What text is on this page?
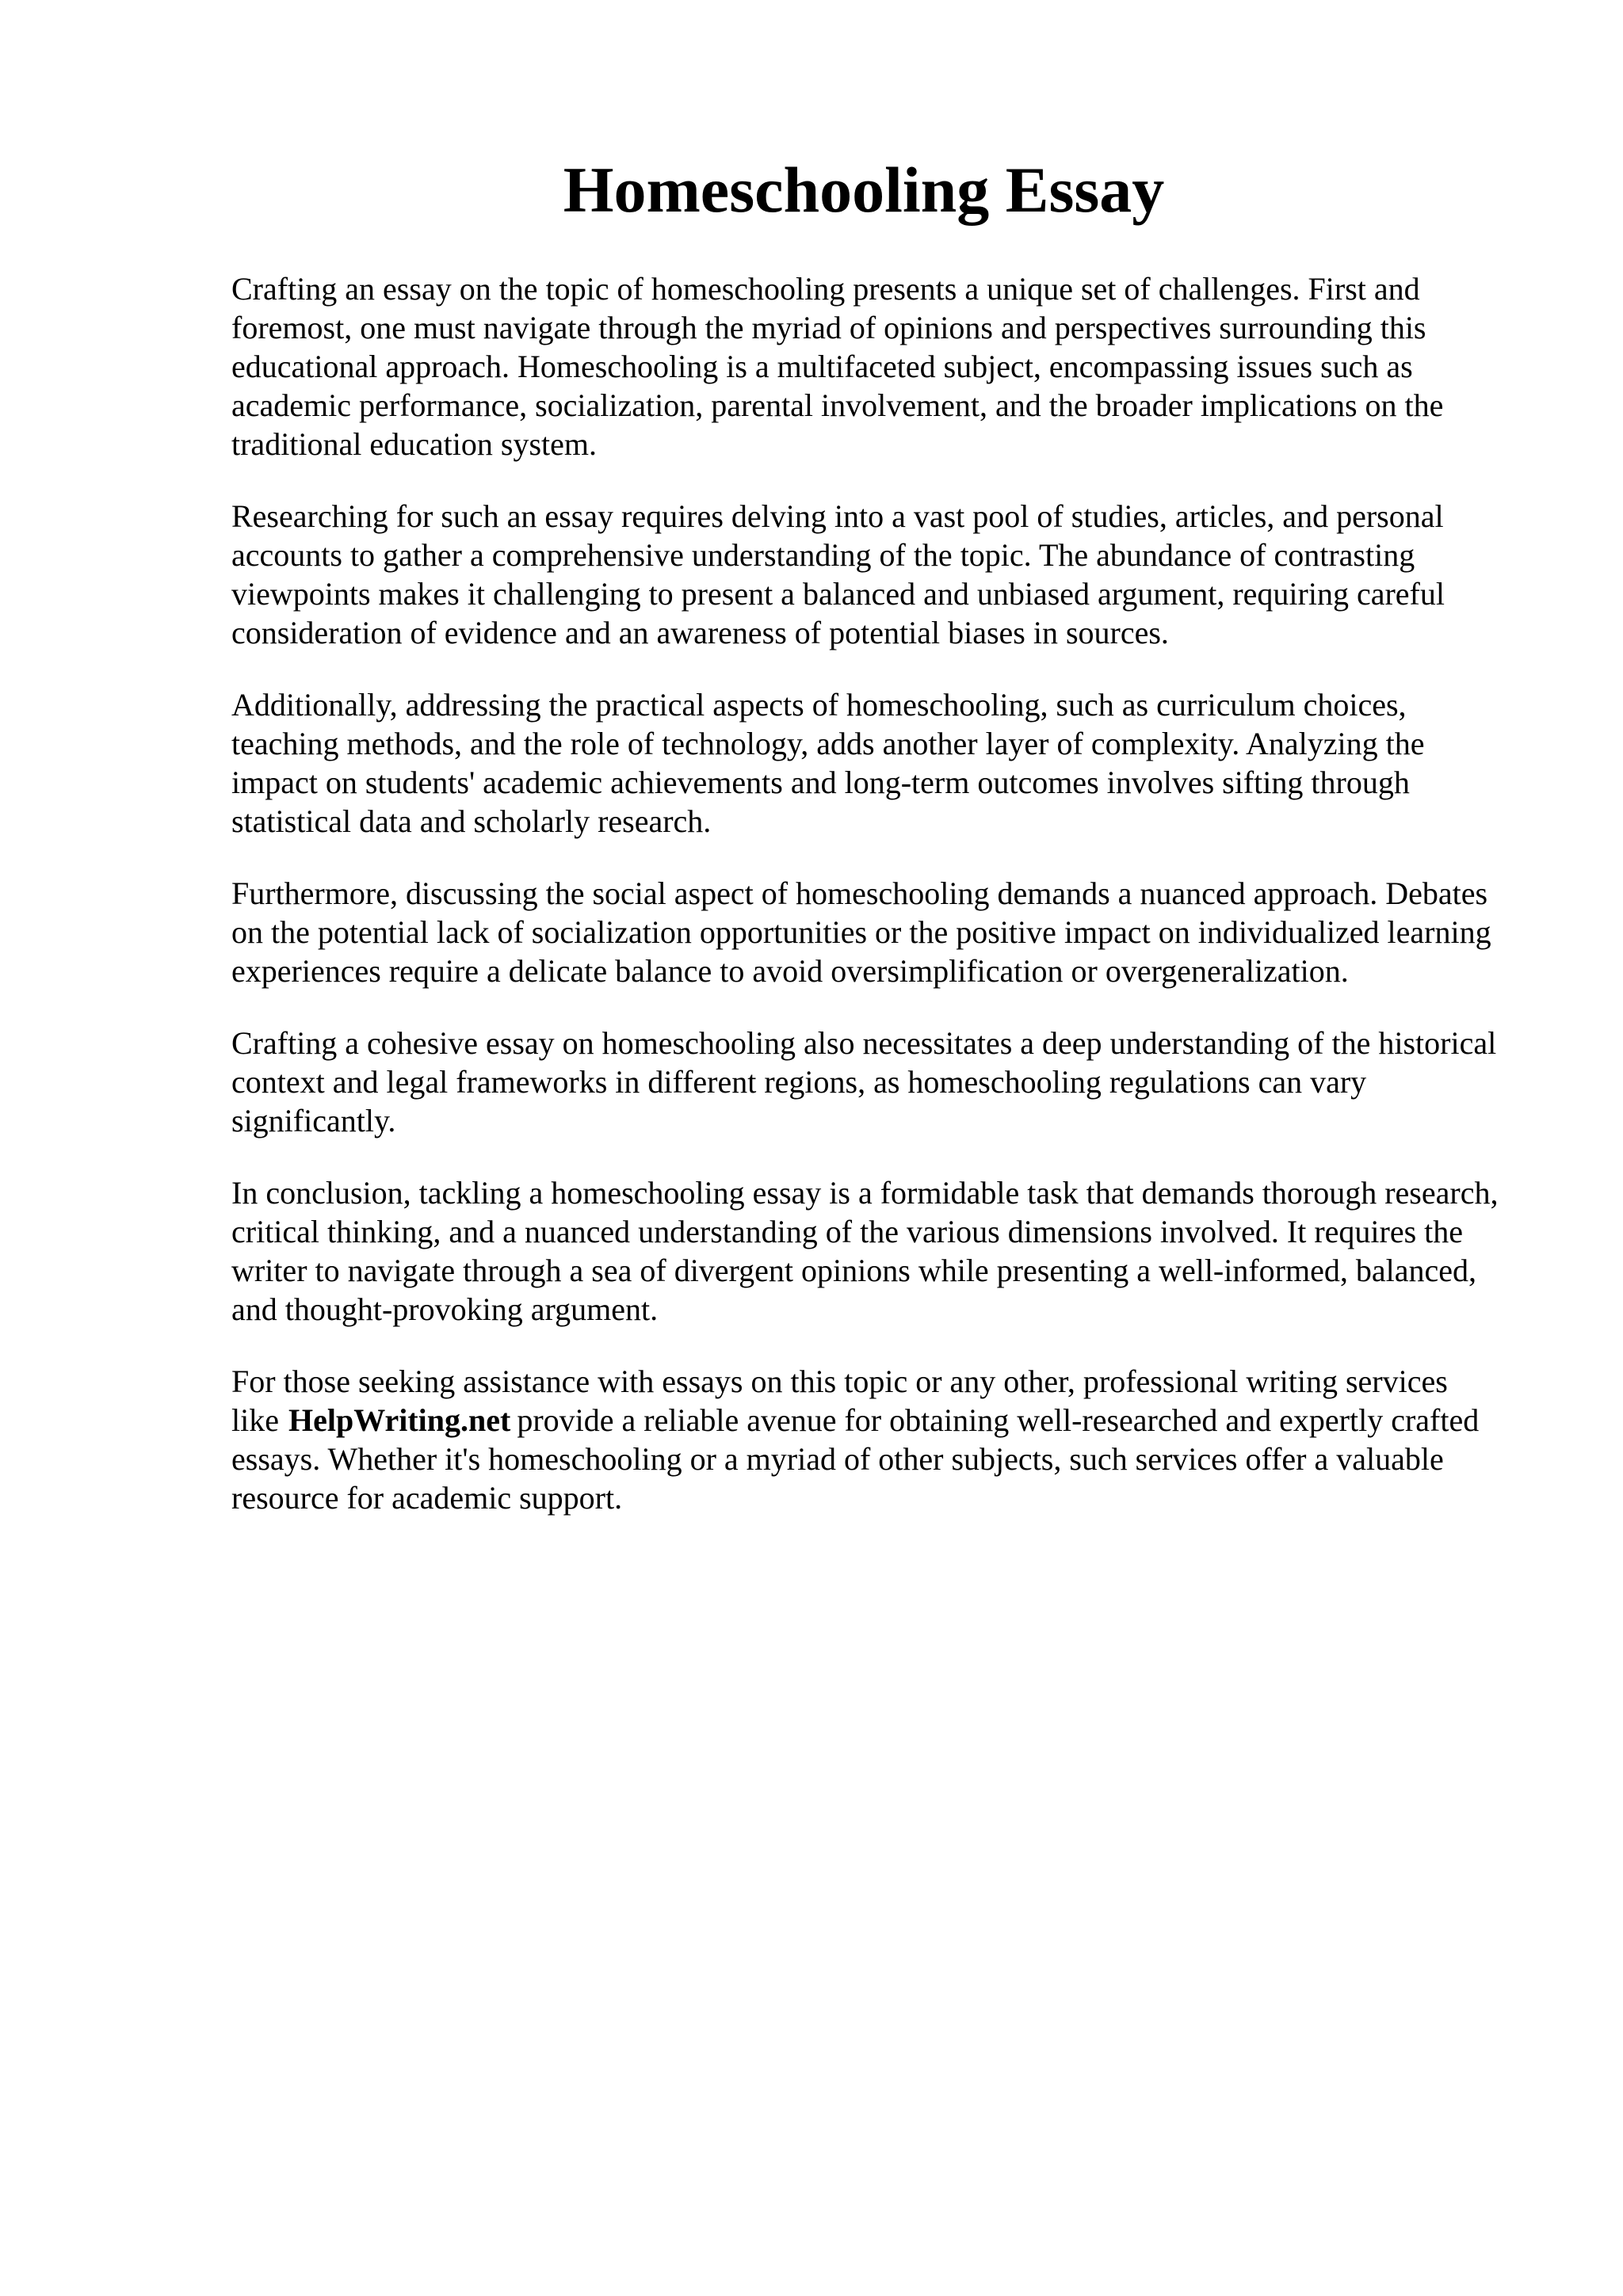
Homeschooling Essay

Crafting an essay on the topic of homeschooling presents a unique set of challenges. First and foremost, one must navigate through the myriad of opinions and perspectives surrounding this educational approach. Homeschooling is a multifaceted subject, encompassing issues such as academic performance, socialization, parental involvement, and the broader implications on the traditional education system.

Researching for such an essay requires delving into a vast pool of studies, articles, and personal accounts to gather a comprehensive understanding of the topic. The abundance of contrasting viewpoints makes it challenging to present a balanced and unbiased argument, requiring careful consideration of evidence and an awareness of potential biases in sources.

Additionally, addressing the practical aspects of homeschooling, such as curriculum choices, teaching methods, and the role of technology, adds another layer of complexity. Analyzing the impact on students' academic achievements and long-term outcomes involves sifting through statistical data and scholarly research.

Furthermore, discussing the social aspect of homeschooling demands a nuanced approach. Debates on the potential lack of socialization opportunities or the positive impact on individualized learning experiences require a delicate balance to avoid oversimplification or overgeneralization.

Crafting a cohesive essay on homeschooling also necessitates a deep understanding of the historical context and legal frameworks in different regions, as homeschooling regulations can vary significantly.

In conclusion, tackling a homeschooling essay is a formidable task that demands thorough research, critical thinking, and a nuanced understanding of the various dimensions involved. It requires the writer to navigate through a sea of divergent opinions while presenting a well-informed, balanced, and thought-provoking argument.

For those seeking assistance with essays on this topic or any other, professional writing services like HelpWriting.net provide a reliable avenue for obtaining well-researched and expertly crafted essays. Whether it's homeschooling or a myriad of other subjects, such services offer a valuable resource for academic support.
